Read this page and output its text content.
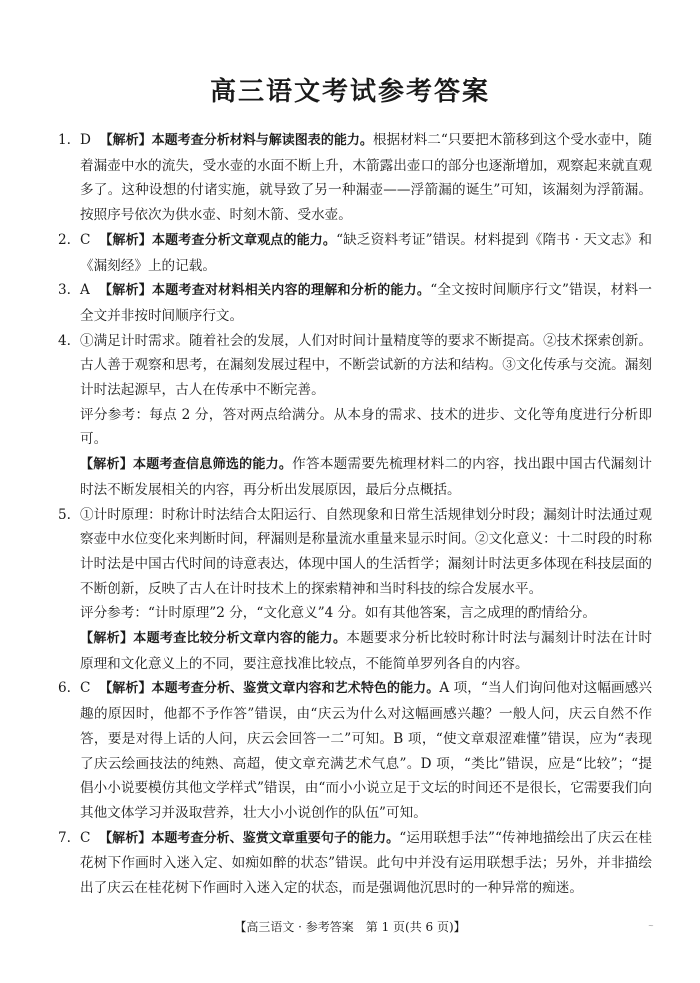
高三语文考试参考答案
1. D 【解析】本题考查分析材料与解读图表的能力。根据材料二“只要把木箭移到这个受水壶中，随着漏壶中水的流失，受水壶的水面不断上升，木箭露出壶口的部分也逐渐增加，观察起来就直观多了。这种设想的付诸实施，就导致了另一种漏壶——浮箭漏的诞生”可知，该漏刻为浮箭漏。按照序号依次为供水壶、时刻木箭、受水壶。
2. C 【解析】本题考查分析文章观点的能力。“缺乏资料考证”错误。材料提到《隋书 · 天文志》和《漏刻经》上的记载。
3. A 【解析】本题考查对材料相关内容的理解和分析的能力。“全文按时间顺序行文”错误，材料一全文并非按时间顺序行文。
4. ①满足计时需求。随着社会的发展，人们对时间计量精度等的要求不断提高。②技术探索创新。古人善于观察和思考，在漏刻发展过程中，不断尝试新的方法和结构。③文化传承与交流。漏刻计时法起源早，古人在传承中不断完善。
评分参考：每点 2 分，答对两点给满分。从本身的需求、技术的进步、文化等角度进行分析即可。
【解析】本题考查信息筛选的能力。作答本题需要先梳理材料二的内容，找出跟中国古代漏刻计时法不断发展相关的内容，再分析出发展原因，最后分点概括。
5. ①计时原理：时称计时法结合太阳运行、自然现象和日常生活规律划分时段；漏刻计时法通过观察壶中水位变化来判断时间，秤漏则是称量流水重量来显示时间。②文化意义：十二时段的时称计时法是中国古代时间的诗意表达，体现中国人的生活哲学；漏刻计时法更多体现在科技层面的不断创新，反映了古人在计时技术上的探索精神和当时科技的综合发展水平。
评分参考：“计时原理”2 分，“文化意义”4 分。如有其他答案，言之成理的酌情给分。
【解析】本题考查比较分析文章内容的能力。本题要求分析比较时称计时法与漏刻计时法在计时原理和文化意义上的不同，要注意找准比较点，不能简单罗列各自的内容。
6. C 【解析】本题考查分析、鉴赏文章内容和艺术特色的能力。A 项，“当人们询问他对这幅画感兴趣的原因时，他都不予作答”错误，由“庆云为什么对这幅画感兴趣？一般人问，庆云自然不作答，要是对得上话的人问，庆云会回答一二”可知。B 项，“使文章艰涩难懂”错误，应为“表现了庆云绘画技法的纯熟、高超，使文章充满艺术气息”。D 项，“类比”错误，应是“比较”；“提倡小小说要模仿其他文学样式”错误，由“而小小说立足于文坛的时间还不是很长，它需要我们向其他文体学习并汲取营养，壮大小小说创作的队伍”可知。
7. C 【解析】本题考查分析、鉴赏文章重要句子的能力。“运用联想手法”“传神地描绘出了庆云在桂花树下作画时入迷入定、如痴如醉的状态”错误。此句中并没有运用联想手法；另外，并非描绘出了庆云在桂花树下作画时入迷入定的状态，而是强调他沉思时的一种异常的痴迷。
【高三语文 · 参考答案　第 1 页(共 6 页)】	~
